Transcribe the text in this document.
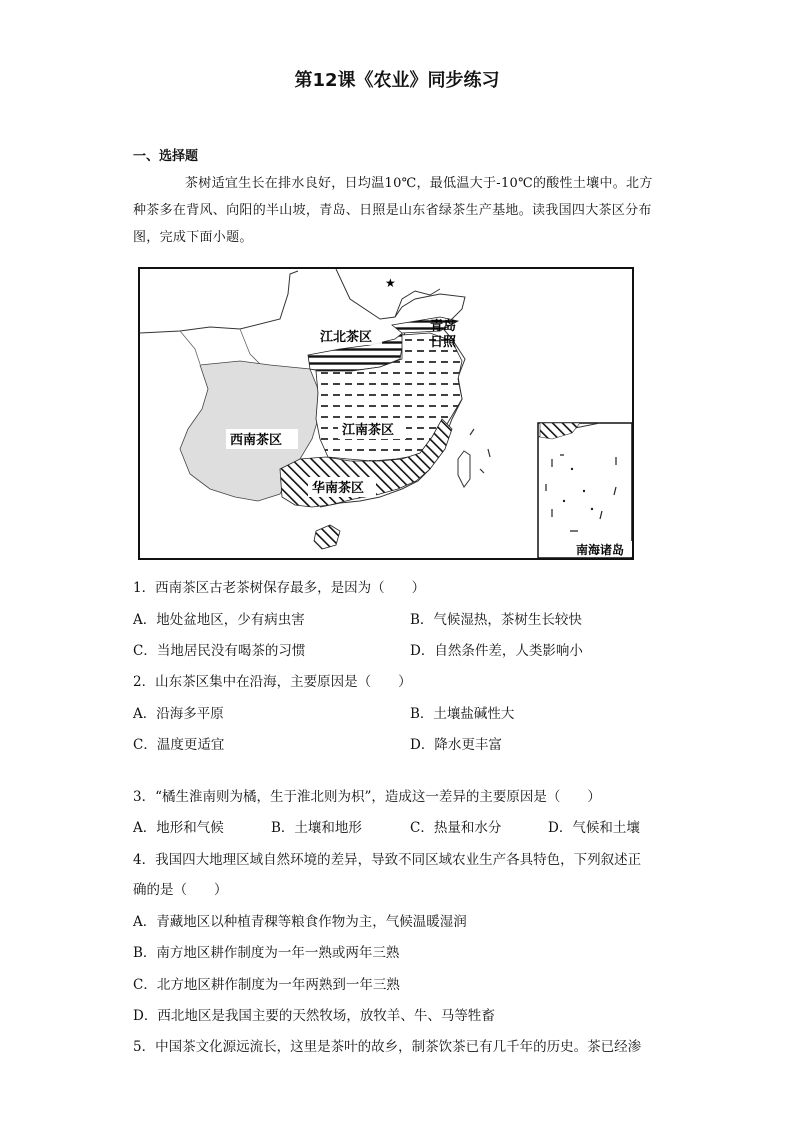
第12课《农业》同步练习
一、选择题
茶树适宜生长在排水良好，日均温10℃，最低温大于-10℃的酸性土壤中。北方种茶多在背风、向阳的半山坡，青岛、日照是山东省绿茶生产基地。读我国四大茶区分布图，完成下面小题。
★
江北茶区
青岛
日照
西南茶区
江南茶区
华南茶区
南海诸岛
1．西南茶区古老茶树保存最多，是因为（　　）
A．地处盆地区，少有病虫害	B．气候湿热，茶树生长较快
C．当地居民没有喝茶的习惯	D．自然条件差，人类影响小
2．山东茶区集中在沿海，主要原因是（　　）
A．沿海多平原	B．土壤盐碱性大
C．温度更适宜	D．降水更丰富
3．“橘生淮南则为橘，生于淮北则为枳”，造成这一差异的主要原因是（　　）
A．地形和气候	B．土壤和地形	C．热量和水分	D．气候和土壤
4．我国四大地理区域自然环境的差异，导致不同区域农业生产各具特色，下列叙述正
确的是（　　）
A．青藏地区以种植青稞等粮食作物为主，气候温暖湿润
B．南方地区耕作制度为一年一熟或两年三熟
C．北方地区耕作制度为一年两熟到一年三熟
D．西北地区是我国主要的天然牧场，放牧羊、牛、马等牲畜
5．中国茶文化源远流长，这里是茶叶的故乡，制茶饮茶已有几千年的历史。茶已经渗
